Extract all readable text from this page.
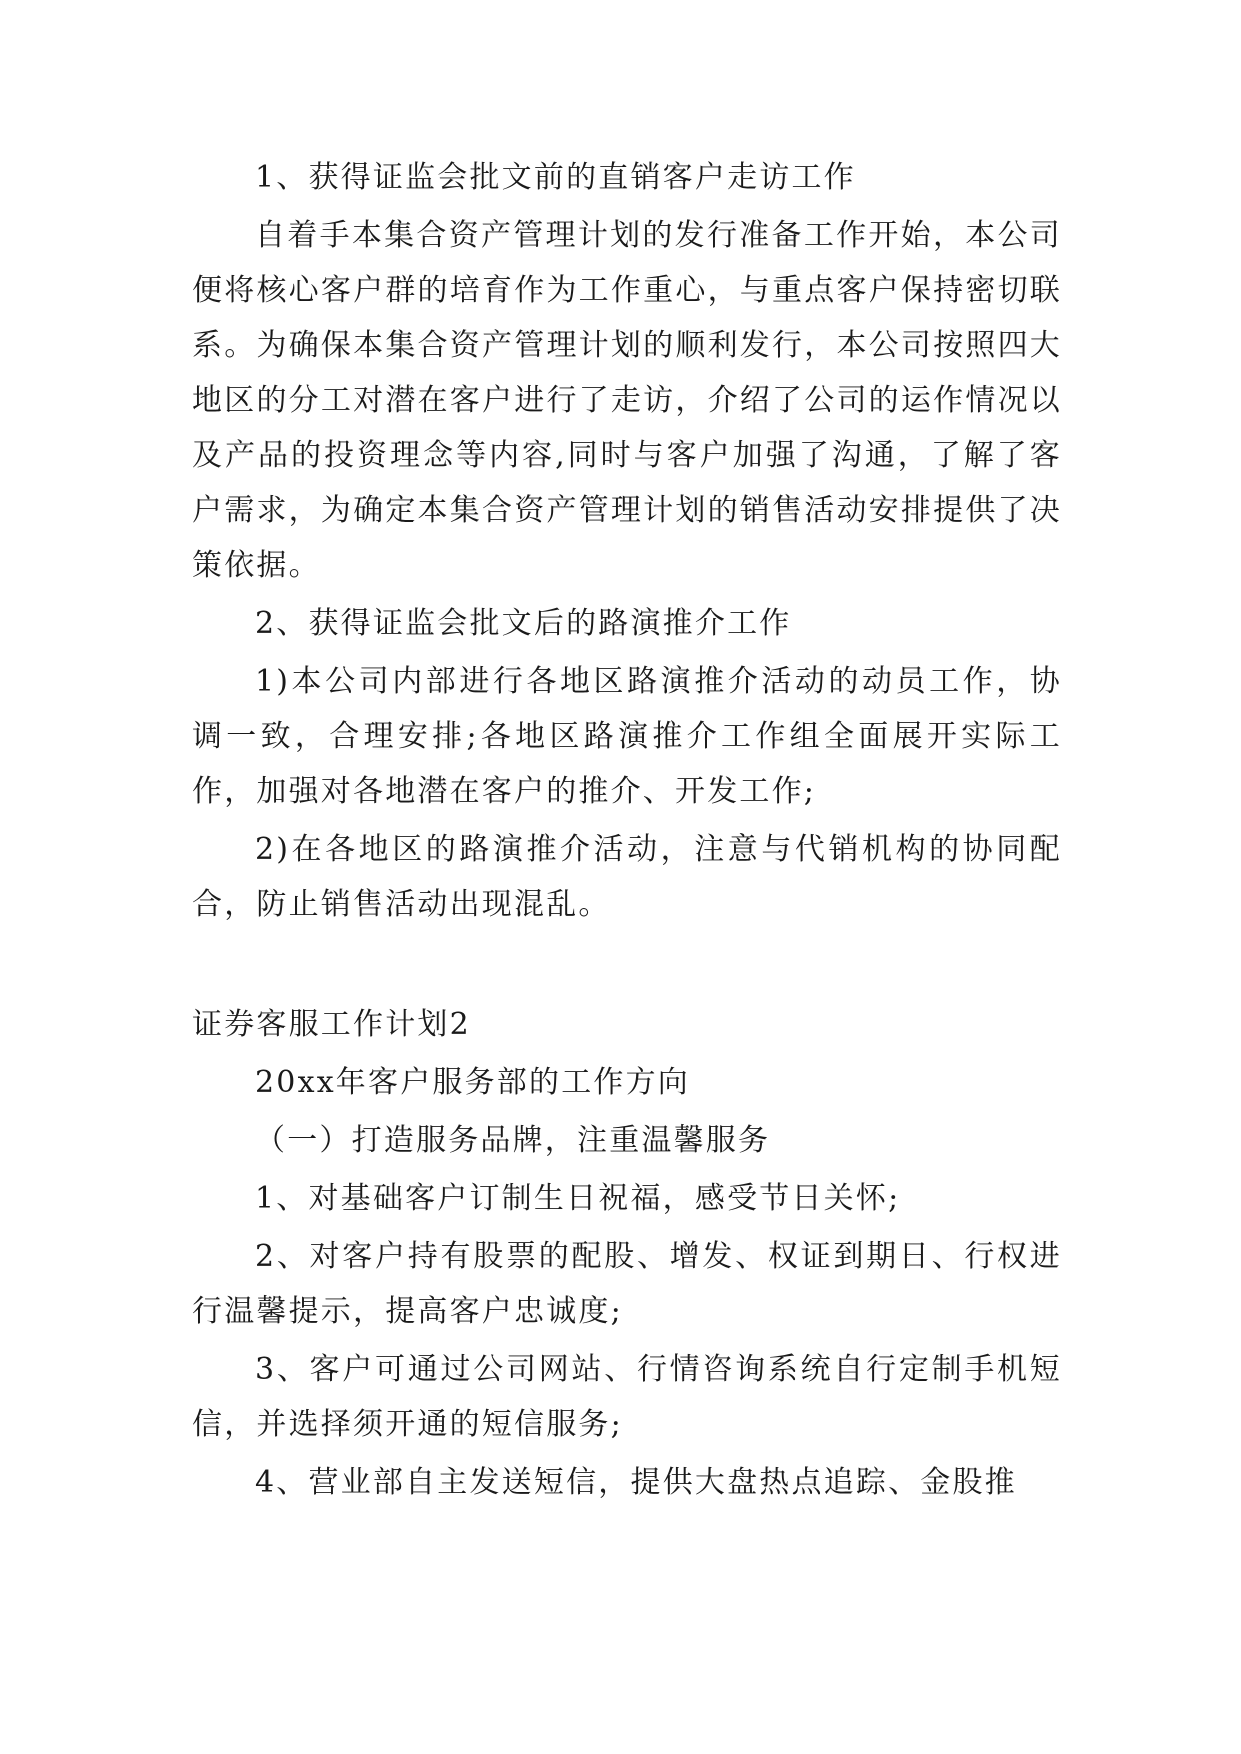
1、获得证监会批文前的直销客户走访工作

自着手本集合资产管理计划的发行准备工作开始，本公司便将核心客户群的培育作为工作重心，与重点客户保持密切联系。为确保本集合资产管理计划的顺利发行，本公司按照四大地区的分工对潜在客户进行了走访，介绍了公司的运作情况以及产品的投资理念等内容,同时与客户加强了沟通，了解了客户需求，为确定本集合资产管理计划的销售活动安排提供了决策依据。

2、获得证监会批文后的路演推介工作

1)本公司内部进行各地区路演推介活动的动员工作，协调一致，合理安排;各地区路演推介工作组全面展开实际工作，加强对各地潜在客户的推介、开发工作;

2)在各地区的路演推介活动，注意与代销机构的协同配合，防止销售活动出现混乱。

证券客服工作计划2

20xx年客户服务部的工作方向

（一）打造服务品牌，注重温馨服务

1、对基础客户订制生日祝福，感受节日关怀;

2、对客户持有股票的配股、增发、权证到期日、行权进行温馨提示，提高客户忠诚度;

3、客户可通过公司网站、行情咨询系统自行定制手机短信，并选择须开通的短信服务;

4、营业部自主发送短信，提供大盘热点追踪、金股推
